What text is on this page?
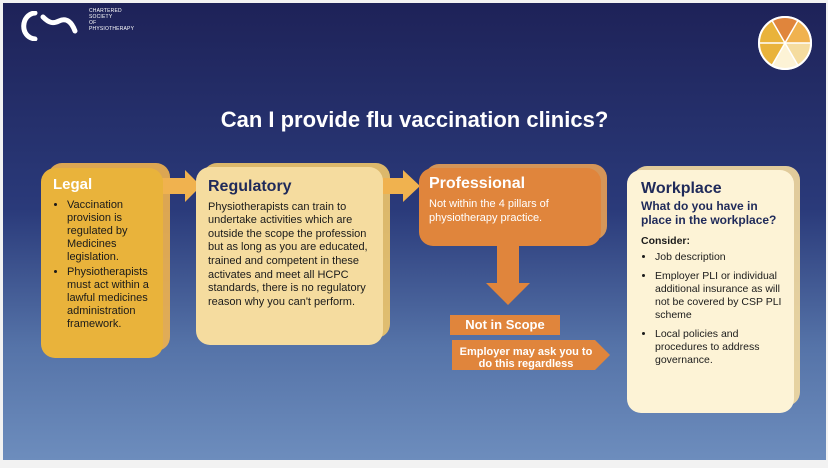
CHARTERED
SOCIETY
OF
PHYSIOTHERAPY
Can I provide flu vaccination clinics?
Legal
• Vaccination provision is regulated by Medicines legislation.
• Physiotherapists must act within a lawful medicines administration framework.
Regulatory
Physiotherapists can train to undertake activities which are outside the scope the profession but as long as you are educated, trained and competent in these activates and meet all HCPC standards, there is no regulatory reason why you can't perform.
Professional
Not within the 4 pillars of physiotherapy practice.
Not in Scope
Employer may ask you to do this regardless
Workplace
What do you have in place in the workplace?
Consider:
• Job description
• Employer PLI or individual additional insurance as will not be covered by CSP PLI scheme
• Local policies and procedures to address governance.
